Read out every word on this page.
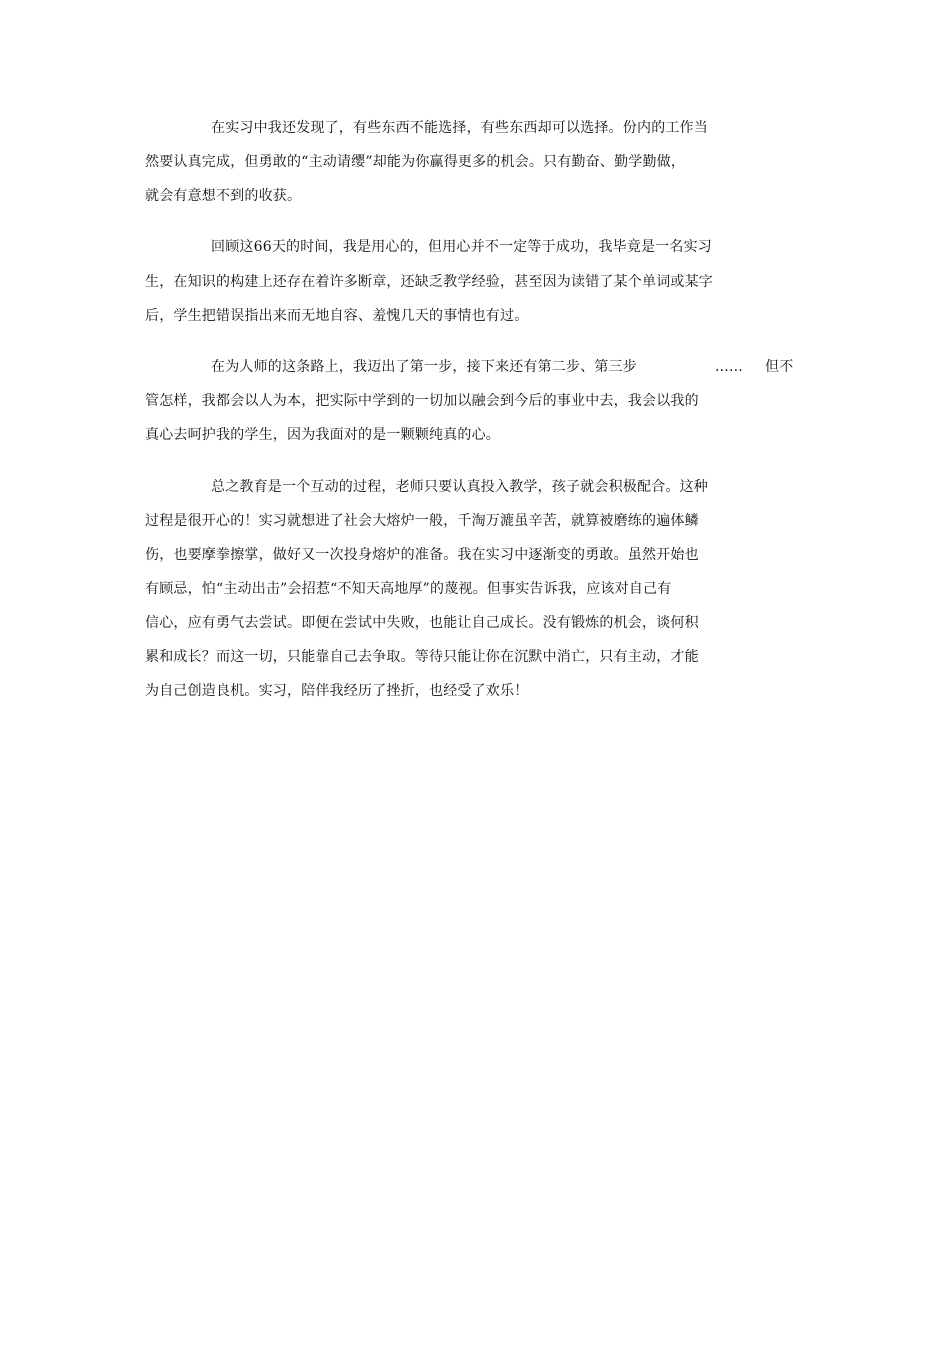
在实习中我还发现了，有些东西不能选择，有些东西却可以选择。份内的工作当
然要认真完成，但勇敢的“主动请缨”却能为你赢得更多的机会。只有勤奋、勤学勤做，
就会有意想不到的收获。
回顾这66天的时间，我是用心的，但用心并不一定等于成功，我毕竟是一名实习
生，在知识的构建上还存在着许多断章，还缺乏教学经验，甚至因为读错了某个单词或某字
后，学生把错误指出来而无地自容、羞愧几天的事情也有过。
在为人师的这条路上，我迈出了第一步，接下来还有第二步、第三步	...... 但不
管怎样，我都会以人为本，把实际中学到的一切加以融会到今后的事业中去，我会以我的
真心去呵护我的学生，因为我面对的是一颗颗纯真的心。
总之教育是一个互动的过程，老师只要认真投入教学，孩子就会积极配合。这种
过程是很开心的！实习就想进了社会大熔炉一般，千淘万漉虽辛苦，就算被磨练的遍体鳞
伤，也要摩拳擦掌，做好又一次投身熔炉的准备。我在实习中逐渐变的勇敢。虽然开始也
有顾忌，怕“主动出击”会招惹“不知天高地厚”的蔑视。但事实告诉我，应该对自己有
信心，应有勇气去尝试。即便在尝试中失败，也能让自己成长。没有锻炼的机会，谈何积
累和成长？而这一切，只能靠自己去争取。等待只能让你在沉默中消亡，只有主动，才能
为自己创造良机。实习，陪伴我经历了挫折，也经受了欢乐！
